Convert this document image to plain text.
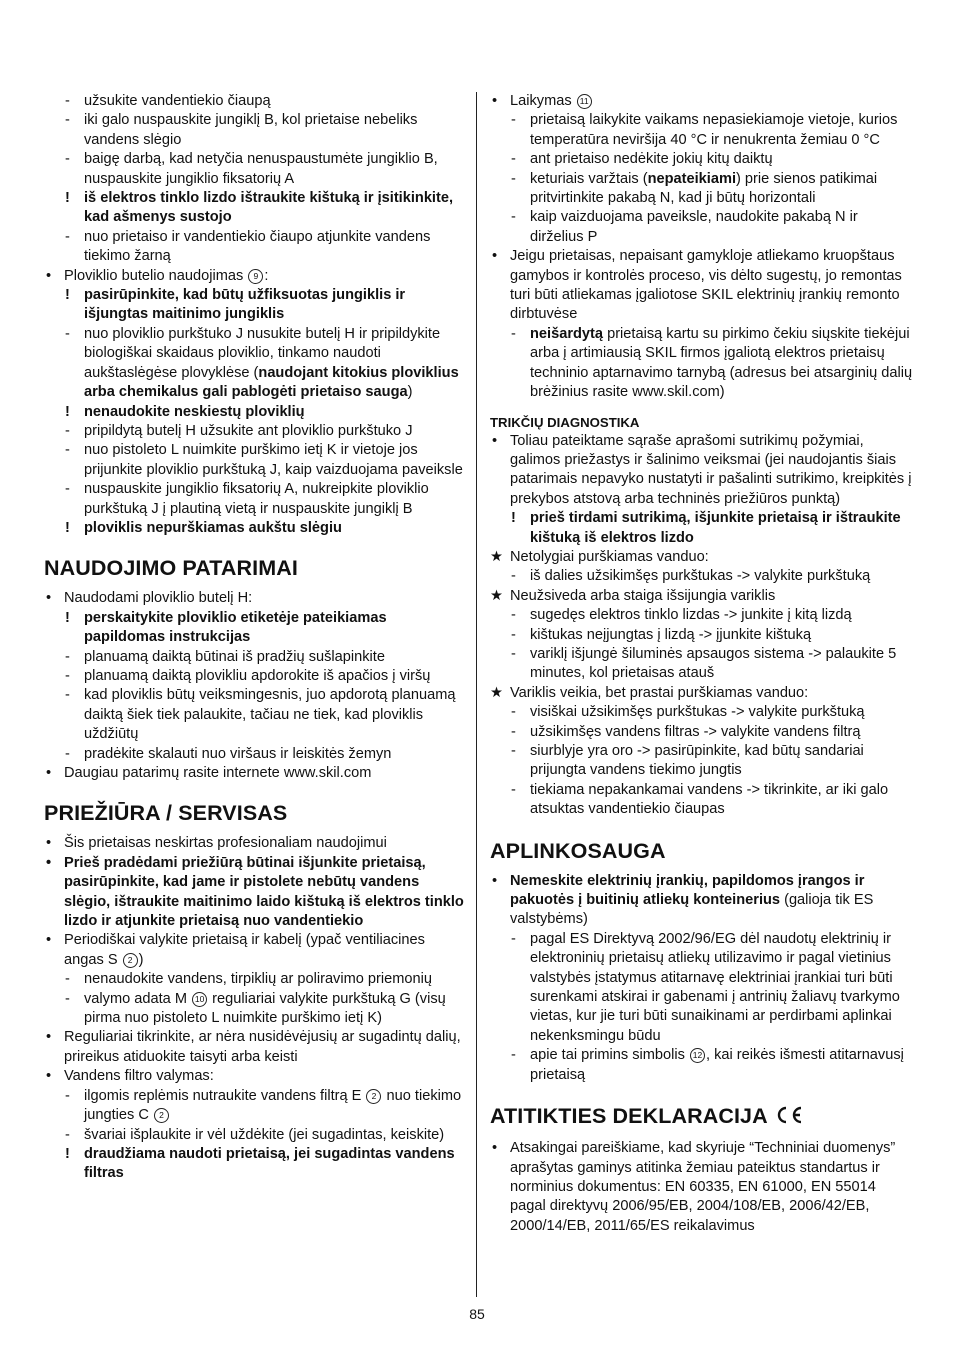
- užsukite vandentiekio čiaupą
- iki galo nuspauskite jungiklį B, kol prietaise nebeliks vandens slėgio
- baigę darbą, kad netyčia nenuspaustumėte jungiklio B, nuspauskite jungiklio fiksatorių A
! iš elektros tinklo lizdo ištraukite kištuką ir įsitikinkite, kad ašmenys sustojo
- nuo prietaiso ir vandentiekio čiaupo atjunkite vandens tiekimo žarną
• Ploviklio butelio naudojimas 9 :
! pasirūpinkite, kad būtų užfiksuotas jungiklis ir išjungtas maitinimo jungiklis
- nuo ploviklio purkštuko J nusukite butelį H ir pripildykite biologiškai skaidaus ploviklio, tinkamo naudoti aukštaslėgėse plovyklėse (naudojant kitokius ploviklius arba chemikalus gali pablogėti prietaiso sauga)
! nenaudokite neskiestų ploviklių
- pripildytą butelį H užsukite ant ploviklio purkštuko J
- nuo pistoleto L nuimkite purškimo ietį K ir vietoje jos prijunkite ploviklio purkštuką J, kaip vaizduojama paveiksle
- nuspauskite jungiklio fiksatorių A, nukreipkite ploviklio purkštuką J į plautiną vietą ir nuspauskite jungiklį B
! ploviklis nepurškiamas aukštu slėgiu
NAUDOJIMO PATARIMAI
• Naudodami ploviklio butelį H:
! perskaitykite ploviklio etiketėje pateikiamas papildomas instrukcijas
- planuamą daiktą būtinai iš pradžių sušlapinkite
- planuamą daiktą plovikliu apdorokite iš apačios į viršų
- kad ploviklis būtų veiksmingesnis, juo apdorotą planuamą daiktą šiek tiek palaukite, tačiau ne tiek, kad ploviklis uždžiūtų
- pradėkite skalauti nuo viršaus ir leiskitės žemyn
• Daugiau patarimų rasite internete www.skil.com
PRIEŽIŪRA / SERVISAS
• Šis prietaisas neskirtas profesionaliam naudojimui
• Prieš pradėdami priežiūrą būtinai išjunkite prietaisą, pasirūpinkite, kad jame ir pistolete nebūtų vandens slėgio, ištraukite maitinimo laido kištuką iš elektros tinklo lizdo ir atjunkite prietaisą nuo vandentiekio
• Periodiškai valykite prietaisą ir kabelį (ypač ventiliacines angas S 2 )
- nenaudokite vandens, tirpiklių ar poliravimo priemonių
- valymo adata M 10 reguliariai valykite purkštuką G (visų pirma nuo pistoleto L nuimkite purškimo ietį K)
• Reguliariai tikrinkite, ar nėra nusidėvėjusių ar sugadintų dalių, prireikus atiduokite taisyti arba keisti
• Vandens filtro valymas:
- ilgomis replėmis nutraukite vandens filtrą E 2 nuo tiekimo jungties C 2
- švariai išplaukite ir vėl uždėkite (jei sugadintas, keiskite)
! draudžiama naudoti prietaisą, jei sugadintas vandens filtras
• Laikymas 11
- prietaisą laikykite vaikams nepasiekiamoje vietoje, kurios temperatūra neviršija 40 °C ir nenukrenta žemiau 0 °C
- ant prietaiso nedėkite jokių kitų daiktų
- keturiais varžtais (nepateikiami) prie sienos patikimai pritvirtinkite pakabą N, kad ji būtų horizontali
- kaip vaizduojama paveiksle, naudokite pakabą N ir dirželius P
• Jeigu prietaisas, nepaisant gamykloje atliekamo kruopštaus gamybos ir kontrolės proceso, vis dėlto sugestų, jo remontas turi būti atliekamas įgaliotose SKIL elektrinių įrankių remonto dirbtuvėse
- neišardytą prietaisą kartu su pirkimo čekiu siųskite tiekėjui arba į artimiausią SKIL firmos įgaliotą elektros prietaisų techninio aptarnavimo tarnybą (adresus bei atsarginių dalių brėžinius rasite www.skil.com)
TRIKČIŲ DIAGNOSTIKA
• Toliau pateiktame sąraše aprašomi sutrikimų požymiai, galimos priežastys ir šalinimo veiksmai (jei naudojantis šiais patarimais nepavyko nustatyti ir pašalinti sutrikimo, kreipkitės į prekybos atstovą arba techninės priežiūros punktą)
! prieš tirdami sutrikimą, išjunkite prietaisą ir ištraukite kištuką iš elektros lizdo
★ Netolygiai purškiamas vanduo:
- iš dalies užsikimšęs purkštukas -> valykite purkštuką
★ Neužsiveda arba staiga išsijungia variklis
- sugedęs elektros tinklo lizdas -> junkite į kitą lizdą
- kištukas neįjungtas į lizdą -> įjunkite kištuką
- variklį išjungė šiluminės apsaugos sistema -> palaukite 5 minutes, kol prietaisas atauš
★ Variklis veikia, bet prastai purškiamas vanduo:
- visiškai užsikimšęs purkštukas -> valykite purkštuką
- užsikimšęs vandens filtras -> valykite vandens filtrą
- siurblyje yra oro -> pasirūpinkite, kad būtų sandariai prijungta vandens tiekimo jungtis
- tiekiama nepakankamai vandens -> tikrinkite, ar iki galo atsuktas vandentiekio čiaupas
APLINKOSAUGA
• Nemeskite elektrinių įrankių, papildomos įrangos ir pakuotės į buitinių atliekų konteinerius (galioja tik ES valstybėms)
- pagal ES Direktyvą 2002/96/EG dėl naudotų elektrinių ir elektroninių prietaisų atliekų utilizavimo ir pagal vietinius valstybės įstatymus atitarnavę elektriniai įrankiai turi būti surenkami atskirai ir gabenami į antrinių žaliavų tvarkymo vietas, kur jie turi būti sunaikinami ar perdirbami aplinkai nekenksmingu būdu
- apie tai primins simbolis 12 , kai reikės išmesti atitarnavusį prietaisą
ATITIKTIES DEKLARACIJA
• Atsakingai pareiškiame, kad skyriuje “Techniniai duomenys” aprašytas gaminys atitinka žemiau pateiktus standartus ir norminius dokumentus: EN 60335, EN 61000, EN 55014 pagal direktyvų 2006/95/EB, 2004/108/EB, 2006/42/EB, 2000/14/EB, 2011/65/ES reikalavimus
85
